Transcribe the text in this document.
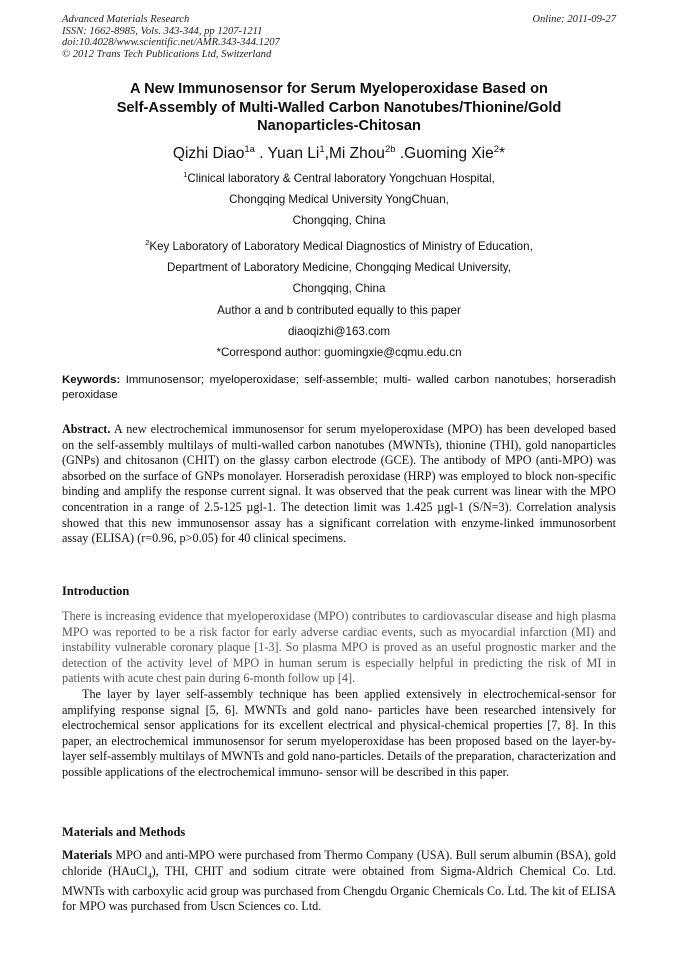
Advanced Materials Research
ISSN: 1662-8985, Vols. 343-344, pp 1207-1211
doi:10.4028/www.scientific.net/AMR.343-344.1207
© 2012 Trans Tech Publications Ltd, Switzerland
Online: 2011-09-27
A New Immunosensor for Serum Myeloperoxidase Based on
Self-Assembly of Multi-Walled Carbon Nanotubes/Thionine/Gold
Nanoparticles-Chitosan
Qizhi Diao$^{1a}$ . Yuan Li$^1$,Mi Zhou$^{2b}$ .Guoming Xie$^2$*
$^1$Clinical laboratory & Central laboratory Yongchuan Hospital,
Chongqing Medical University YongChuan,
Chongqing, China
$^2$Key Laboratory of Laboratory Medical Diagnostics of Ministry of Education,
Department of Laboratory Medicine, Chongqing Medical University,
Chongqing, China
Author a and b contributed equally to this paper
diaoqizhi@163.com
*Correspond author: guomingxie@cqmu.edu.cn
Keywords: Immunosensor; myeloperoxidase; self-assemble; multi- walled carbon nanotubes; horseradish peroxidase
Abstract. A new electrochemical immunosensor for serum myeloperoxidase (MPO) has been developed based on the self-assembly multilays of multi-walled carbon nanotubes (MWNTs), thionine (THI), gold nanoparticles (GNPs) and chitosanon (CHIT) on the glassy carbon electrode (GCE). The antibody of MPO (anti-MPO) was absorbed on the surface of GNPs monolayer. Horseradish peroxidase (HRP) was employed to block non-specific binding and amplify the response current signal. It was observed that the peak current was linear with the MPO concentration in a range of 2.5-125 µgl-1. The detection limit was 1.425 µgl-1 (S/N=3). Correlation analysis showed that this new immunosensor assay has a significant correlation with enzyme-linked immunosorbent assay (ELISA) (r=0.96, p>0.05) for 40 clinical specimens.
Introduction

There is increasing evidence that myeloperoxidase (MPO) contributes to cardiovascular disease and high plasma MPO was reported to be a risk factor for early adverse cardiac events, such as myocardial infarction (MI) and instability vulnerable coronary plaque [1-3]. So plasma MPO is proved as an useful prognostic marker and the detection of the activity level of MPO in human serum is especially helpful in predicting the risk of MI in patients with acute chest pain during 6-month follow up [4].

The layer by layer self-assembly technique has been applied extensively in electrochemical-sensor for amplifying response signal [5, 6]. MWNTs and gold nano- particles have been researched intensively for electrochemical sensor applications for its excellent electrical and physical-chemical properties [7, 8]. In this paper, an electrochemical immunosensor for serum myeloperoxidase has been proposed based on the layer-by-layer self-assembly multilays of MWNTs and gold nano-particles. Details of the preparation, characterization and possible applications of the electrochemical immuno- sensor will be described in this paper.

Materials and Methods
Materials MPO and anti-MPO were purchased from Thermo Company (USA). Bull serum albumin (BSA), gold chloride (HAuCl$_4$), THI, CHIT and sodium citrate were obtained from Sigma-Aldrich Chemical Co. Ltd. MWNTs with carboxylic acid group was purchased from Chengdu Organic Chemicals Co. Ltd. The kit of ELISA for MPO was purchased from Uscn Sciences co. Ltd.
